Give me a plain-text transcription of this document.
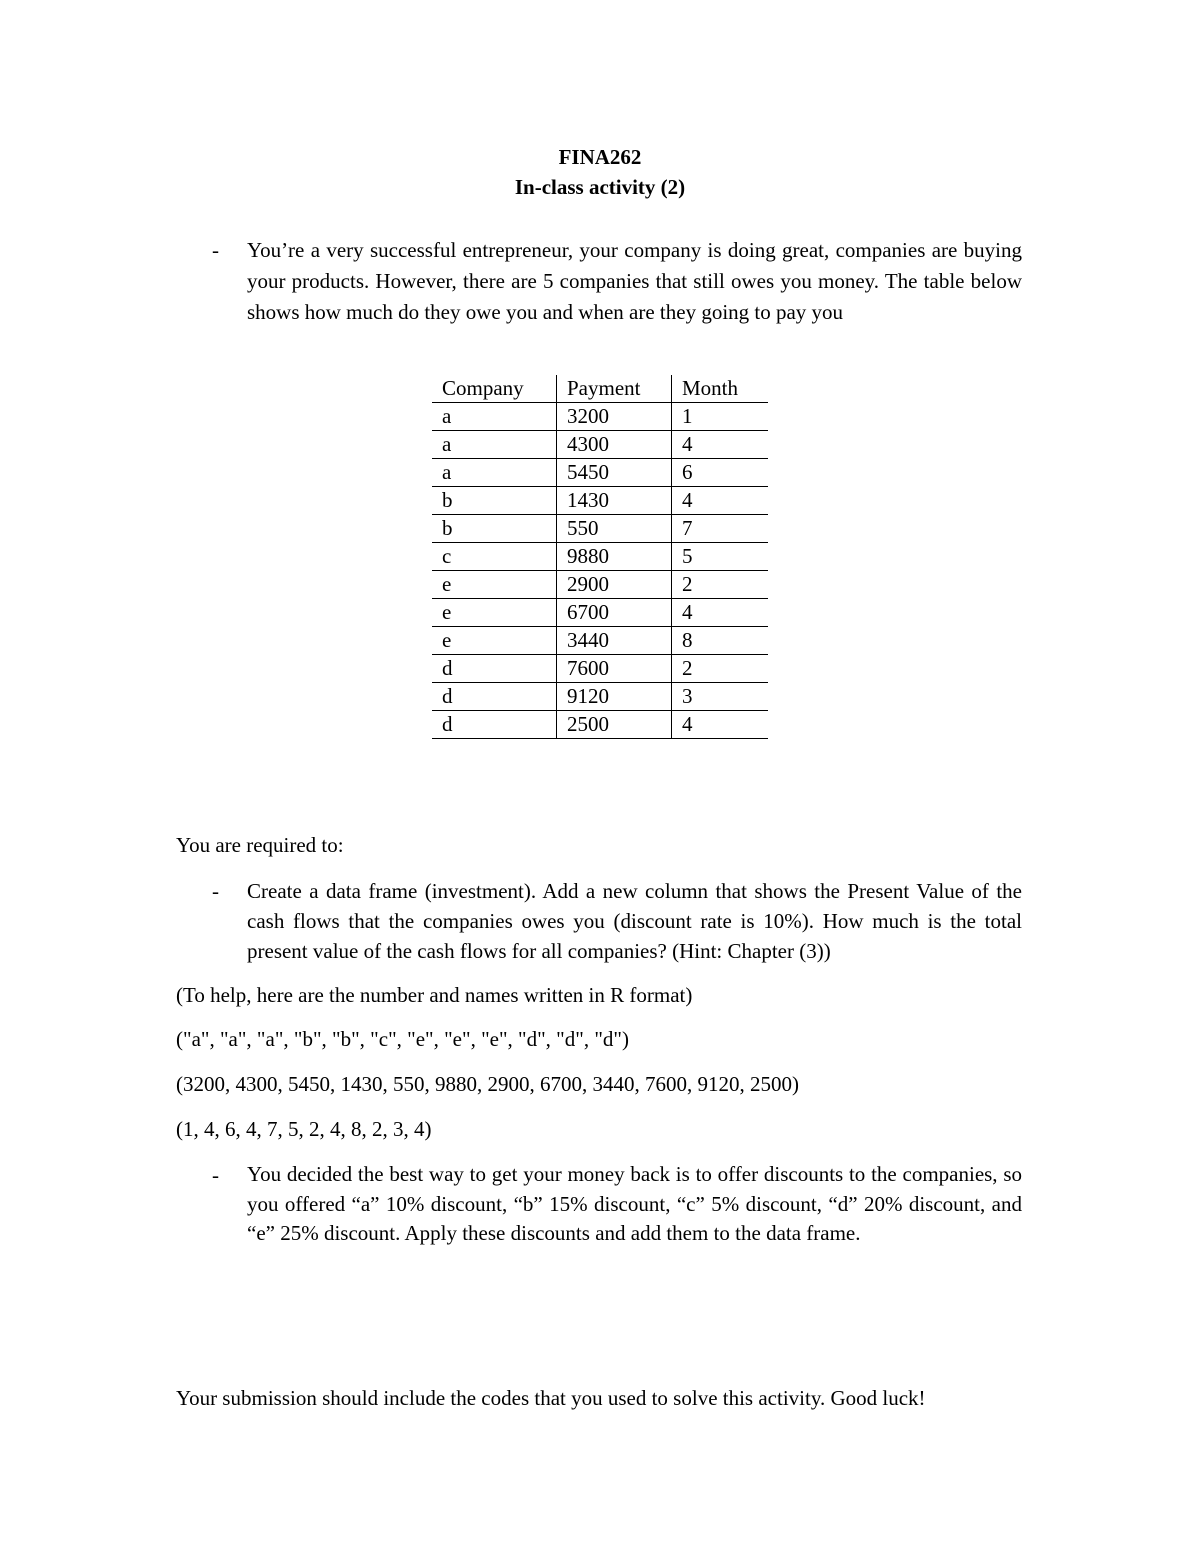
FINA262
In-class activity (2)
- You’re a very successful entrepreneur, your company is doing great, companies are buying your products. However, there are 5 companies that still owes you money. The table below shows how much do they owe you and when are they going to pay you
Company	Payment	Month
a	3200	1
a	4300	4
a	5450	6
b	1430	4
b	550	7
c	9880	5
e	2900	2
e	6700	4
e	3440	8
d	7600	2
d	9120	3
d	2500	4
You are required to:
- Create a data frame (investment). Add a new column that shows the Present Value of the cash flows that the companies owes you (discount rate is 10%). How much is the total present value of the cash flows for all companies? (Hint: Chapter (3))
(To help, here are the number and names written in R format)
("a", "a", "a", "b", "b", "c", "e", "e", "e", "d", "d", "d")
(3200, 4300, 5450, 1430, 550, 9880, 2900, 6700, 3440, 7600, 9120, 2500)
(1, 4, 6, 4, 7, 5, 2, 4, 8, 2, 3, 4)
- You decided the best way to get your money back is to offer discounts to the companies, so you offered “a” 10% discount, “b” 15% discount, “c” 5% discount, “d” 20% discount, and “e” 25% discount. Apply these discounts and add them to the data frame.
Your submission should include the codes that you used to solve this activity. Good luck!
